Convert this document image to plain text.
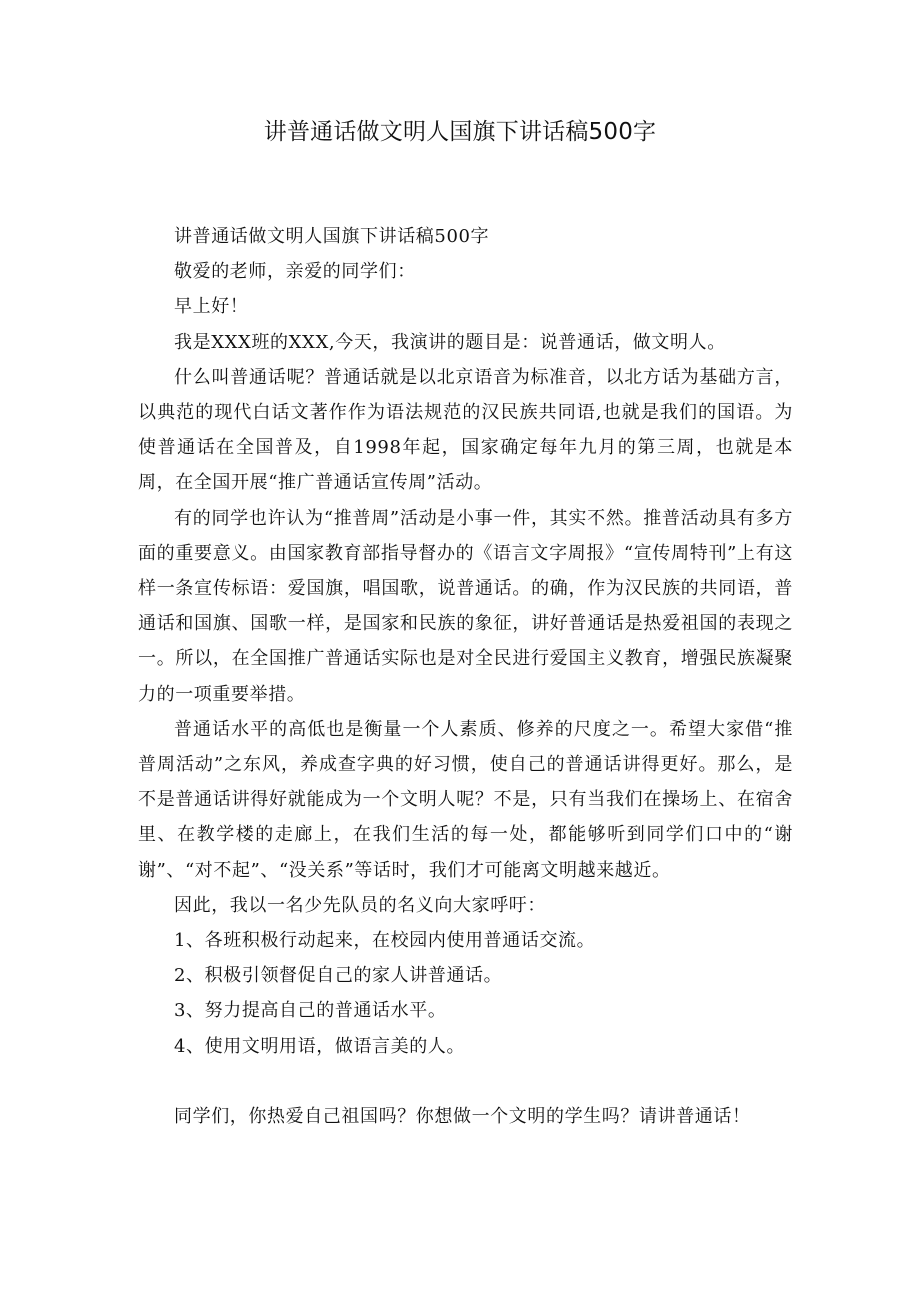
讲普通话做文明人国旗下讲话稿500字

讲普通话做文明人国旗下讲话稿500字

敬爱的老师，亲爱的同学们：

早上好！

我是XXX班的XXX,今天，我演讲的题目是：说普通话，做文明人。

什么叫普通话呢？普通话就是以北京语音为标准音，以北方话为基础方言，以典范的现代白话文著作作为语法规范的汉民族共同语,也就是我们的国语。为使普通话在全国普及，自1998年起，国家确定每年九月的第三周，也就是本周，在全国开展“推广普通话宣传周”活动。

有的同学也许认为“推普周”活动是小事一件，其实不然。推普活动具有多方面的重要意义。由国家教育部指导督办的《语言文字周报》“宣传周特刊”上有这样一条宣传标语：爱国旗，唱国歌，说普通话。的确，作为汉民族的共同语，普通话和国旗、国歌一样，是国家和民族的象征，讲好普通话是热爱祖国的表现之一。所以，在全国推广普通话实际也是对全民进行爱国主义教育，增强民族凝聚力的一项重要举措。

普通话水平的高低也是衡量一个人素质、修养的尺度之一。希望大家借“推普周活动”之东风，养成查字典的好习惯，使自己的普通话讲得更好。那么，是不是普通话讲得好就能成为一个文明人呢？不是，只有当我们在操场上、在宿舍里、在教学楼的走廊上，在我们生活的每一处，都能够听到同学们口中的“谢谢”、“对不起”、“没关系”等话时，我们才可能离文明越来越近。

因此，我以一名少先队员的名义向大家呼吁：

1、各班积极行动起来，在校园内使用普通话交流。

2、积极引领督促自己的家人讲普通话。

3、努力提高自己的普通话水平。

4、使用文明用语，做语言美的人。

同学们，你热爱自己祖国吗？你想做一个文明的学生吗？请讲普通话！
